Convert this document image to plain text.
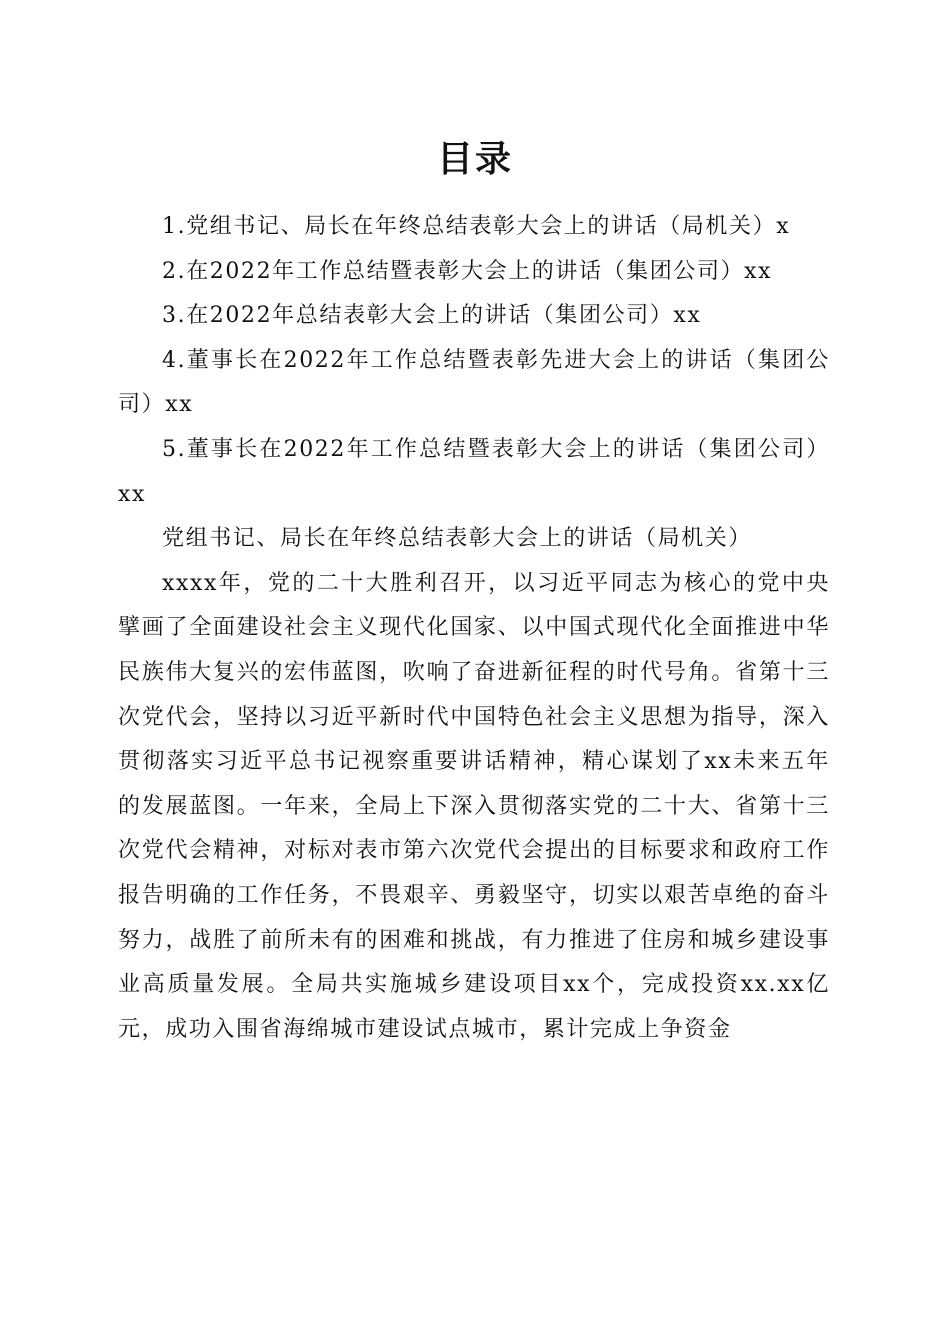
目录

1.党组书记、局长在年终总结表彰大会上的讲话（局机关）x

2.在2022年工作总结暨表彰大会上的讲话（集团公司）xx

3.在2022年总结表彰大会上的讲话（集团公司）xx

4.董事长在2022年工作总结暨表彰先进大会上的讲话（集团公司）xx

5.董事长在2022年工作总结暨表彰大会上的讲话（集团公司）xx

党组书记、局长在年终总结表彰大会上的讲话（局机关）

xxxx年，党的二十大胜利召开，以习近平同志为核心的党中央擘画了全面建设社会主义现代化国家、以中国式现代化全面推进中华民族伟大复兴的宏伟蓝图，吹响了奋进新征程的时代号角。省第十三次党代会，坚持以习近平新时代中国特色社会主义思想为指导，深入贯彻落实习近平总书记视察重要讲话精神，精心谋划了xx未来五年的发展蓝图。一年来，全局上下深入贯彻落实党的二十大、省第十三次党代会精神，对标对表市第六次党代会提出的目标要求和政府工作报告明确的工作任务，不畏艰辛、勇毅坚守，切实以艰苦卓绝的奋斗努力，战胜了前所未有的困难和挑战，有力推进了住房和城乡建设事业高质量发展。全局共实施城乡建设项目xx个，完成投资xx.xx亿元，成功入围省海绵城市建设试点城市，累计完成上争资金
